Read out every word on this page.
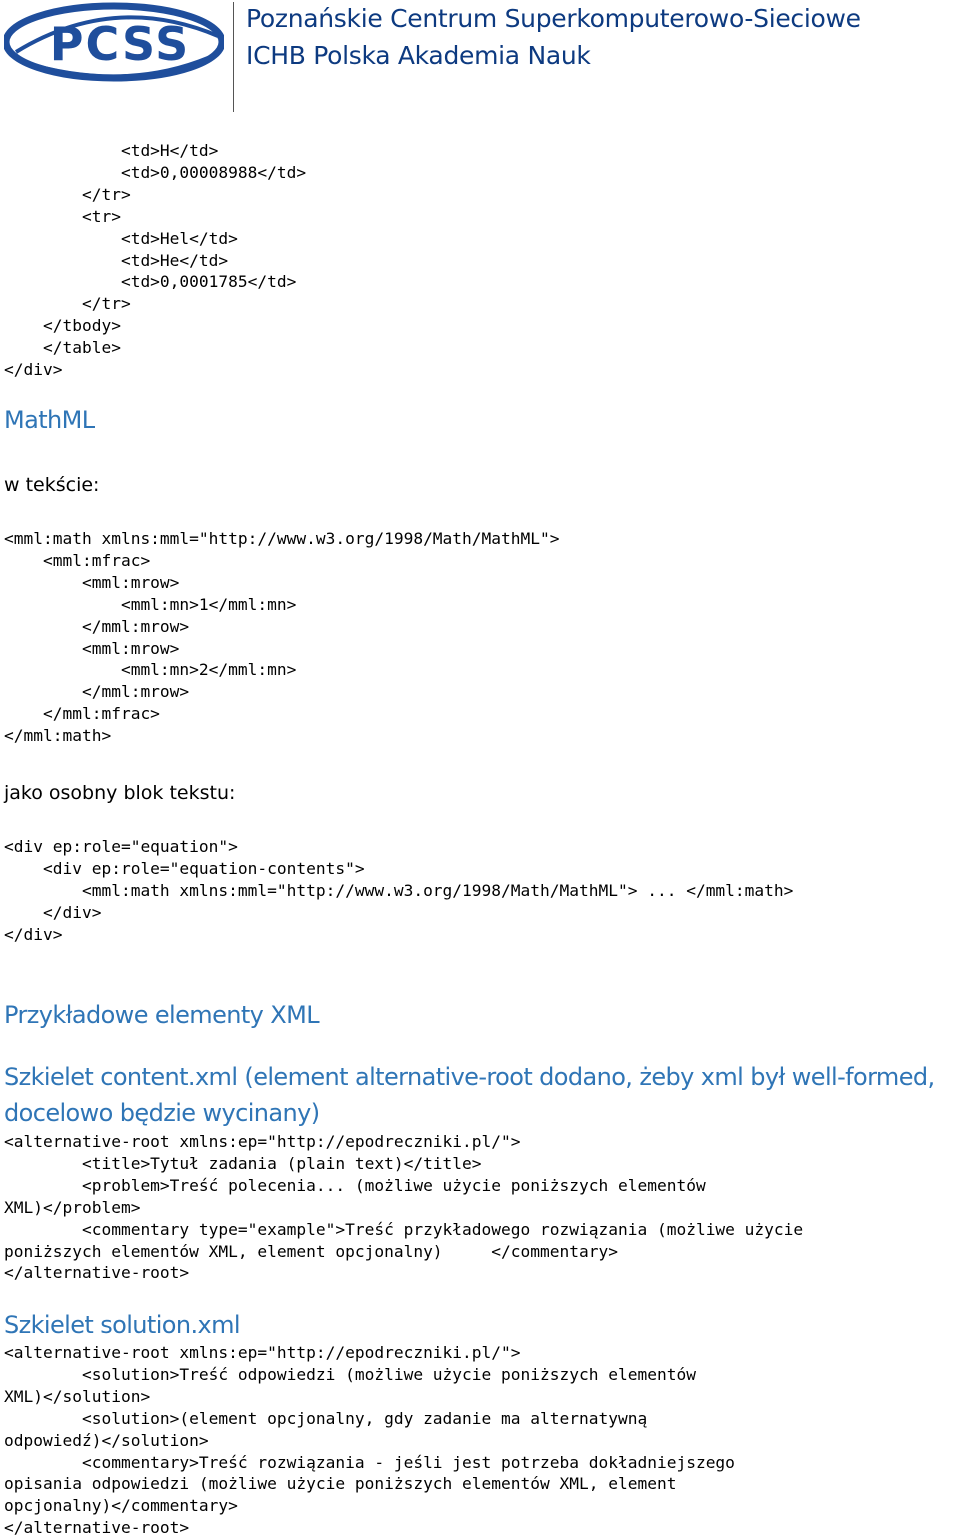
PCSS Poznańskie Centrum Superkomputerowo-Sieciowe
ICHB Polska Akademia Nauk
<td>H</td>
<td>0,00008988</td>
</tr>
<tr>
<td>Hel</td>
<td>He</td>
<td>0,0001785</td>
</tr>
</tbody>
</table>
</div>
MathML
w tekście:
<mml:math xmlns:mml="http://www.w3.org/1998/Math/MathML">
<mml:mfrac>
<mml:mrow>
<mml:mn>1</mml:mn>
</mml:mrow>
<mml:mrow>
<mml:mn>2</mml:mn>
</mml:mrow>
</mml:mfrac>
</mml:math>
jako osobny blok tekstu:
<div ep:role="equation">
<div ep:role="equation-contents">
<mml:math xmlns:mml="http://www.w3.org/1998/Math/MathML"> ... </mml:math>
</div>
</div>
Przykładowe elementy XML
Szkielet content.xml (element alternative-root dodano, żeby xml był well-formed,
docelowo będzie wycinany)
<alternative-root xmlns:ep="http://epodreczniki.pl/">
<title>Tytuł zadania (plain text)</title>
<problem>Treść polecenia... (możliwe użycie poniższych elementów
XML)</problem>
<commentary type="example">Treść przykładowego rozwiązania (możliwe użycie
poniższych elementów XML, element opcjonalny)     </commentary>
</alternative-root>
Szkielet solution.xml
<alternative-root xmlns:ep="http://epodreczniki.pl/">
<solution>Treść odpowiedzi (możliwe użycie poniższych elementów
XML)</solution>
<solution>(element opcjonalny, gdy zadanie ma alternatywną
odpowiedź)</solution>
<commentary>Treść rozwiązania - jeśli jest potrzeba dokładniejszego
opisania odpowiedzi (możliwe użycie poniższych elementów XML, element
opcjonalny)</commentary>
</alternative-root>
